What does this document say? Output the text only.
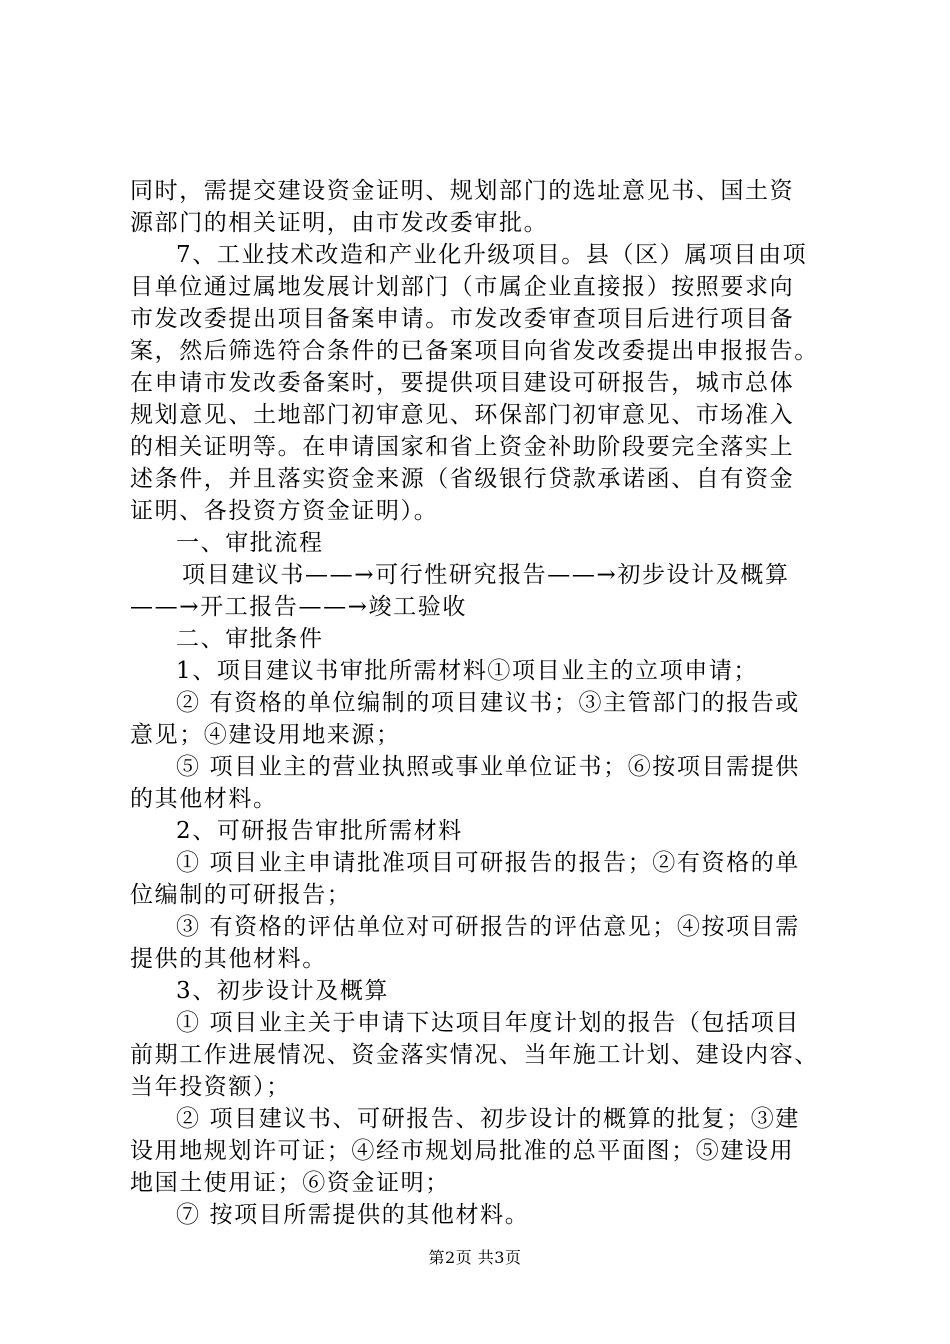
同时，需提交建设资金证明、规划部门的选址意见书、国土资
源部门的相关证明，由市发改委审批。
7、工业技术改造和产业化升级项目。县（区）属项目由项
目单位通过属地发展计划部门（市属企业直接报）按照要求向
市发改委提出项目备案申请。市发改委审查项目后进行项目备
案，然后筛选符合条件的已备案项目向省发改委提出申报报告。
在申请市发改委备案时，要提供项目建设可研报告，城市总体
规划意见、土地部门初审意见、环保部门初审意见、市场准入
的相关证明等。在申请国家和省上资金补助阶段要完全落实上
述条件，并且落实资金来源（省级银行贷款承诺函、自有资金
证明、各投资方资金证明）。
一、审批流程
项目建议书——→可行性研究报告——→初步设计及概算
——→开工报告——→竣工验收
二、审批条件
1、项目建议书审批所需材料①项目业主的立项申请；
② 有资格的单位编制的项目建议书；③主管部门的报告或
意见；④建设用地来源；
⑤ 项目业主的营业执照或事业单位证书；⑥按项目需提供
的其他材料。
2、可研报告审批所需材料
① 项目业主申请批准项目可研报告的报告；②有资格的单
位编制的可研报告；
③ 有资格的评估单位对可研报告的评估意见；④按项目需
提供的其他材料。
3、初步设计及概算
① 项目业主关于申请下达项目年度计划的报告（包括项目
前期工作进展情况、资金落实情况、当年施工计划、建设内容、
当年投资额）；
② 项目建议书、可研报告、初步设计的概算的批复；③建
设用地规划许可证；④经市规划局批准的总平面图；⑤建设用
地国土使用证；⑥资金证明；
⑦ 按项目所需提供的其他材料。
第2页 共3页
